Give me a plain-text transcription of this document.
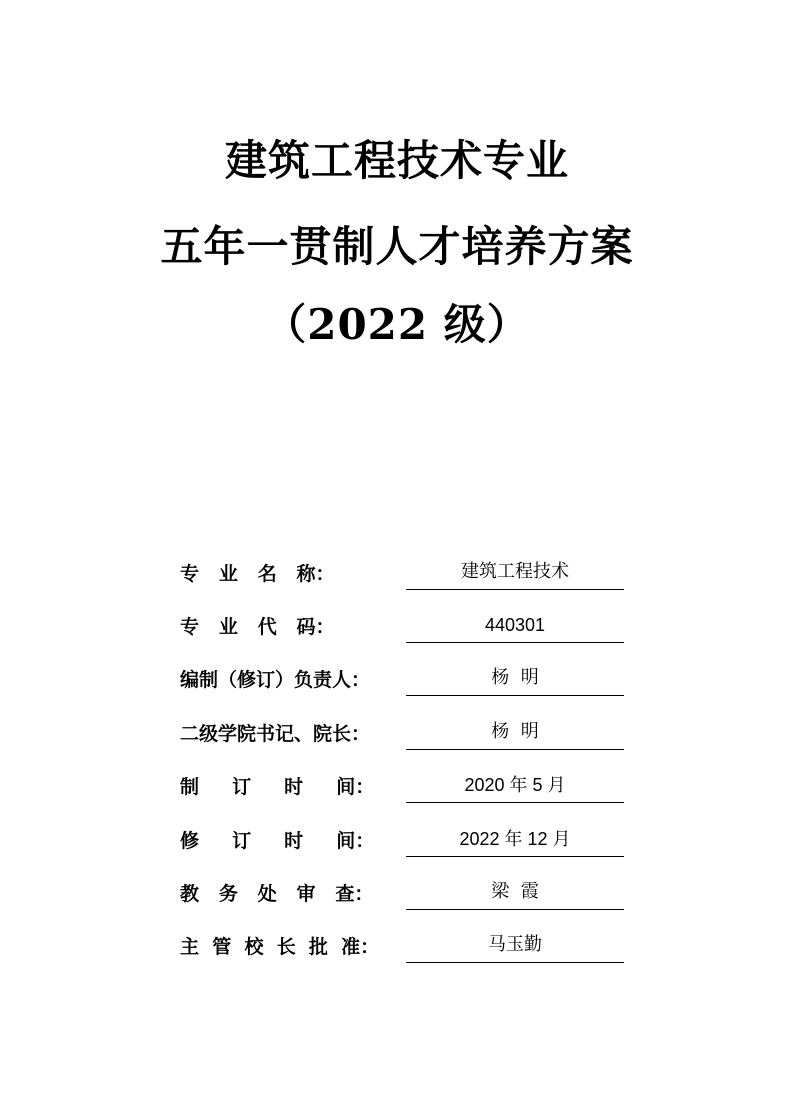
建筑工程技术专业
五年一贯制人才培养方案
（2022 级）
专   业   名   称：	建筑工程技术
专   业   代   码：	440301
编制（修订）负责人：	杨  明
二级学院书记、院长：	杨  明
制     订     时     间：	2020 年 5 月
修     订     时     间：	2022 年 12 月
教   务   处   审   查：	梁  霞
主  管  校  长  批  准：	马玉勤
